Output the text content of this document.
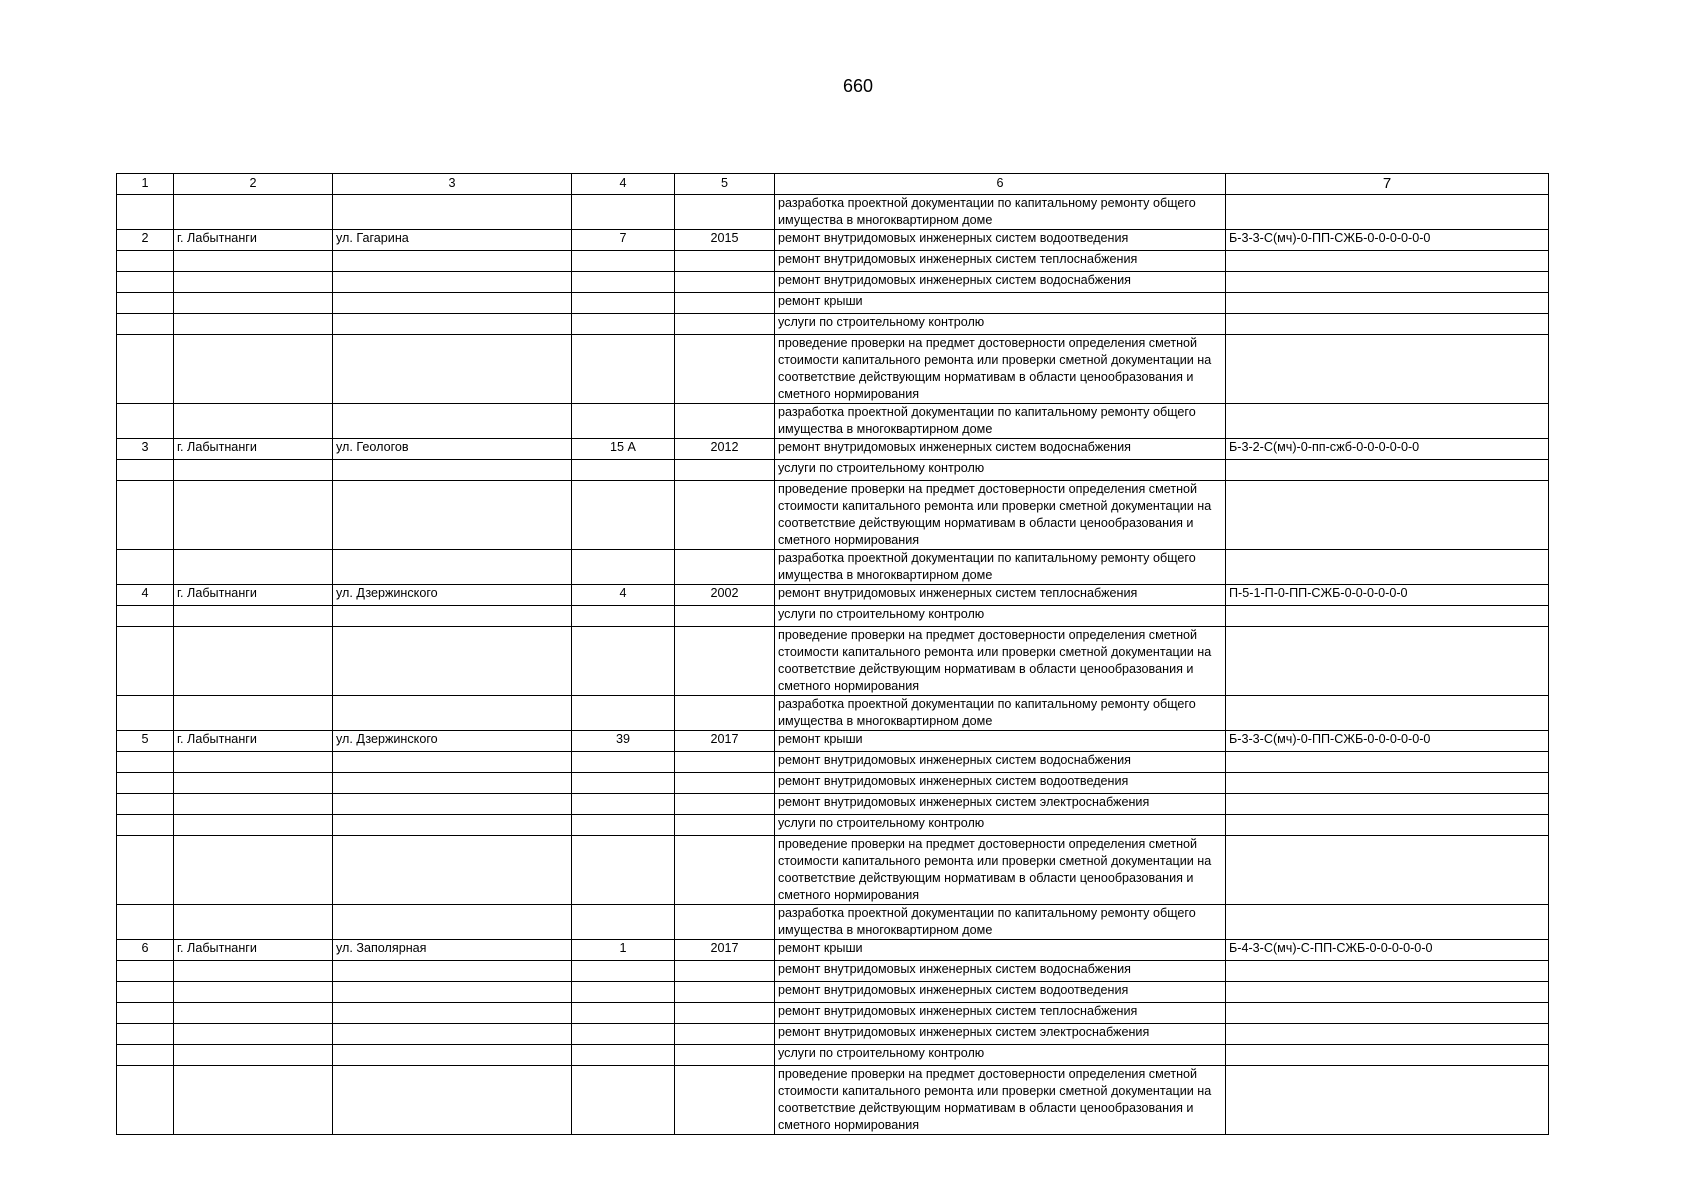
660
1	2	3	4	5	6	7
					разработка проектной документации по капитальному ремонту общего имущества в многоквартирном доме	
2	г. Лабытнанги	ул. Гагарина	7	2015	ремонт внутридомовых инженерных систем водоотведения	Б-3-3-С(мч)-0-ПП-СЖБ-0-0-0-0-0-0
					ремонт внутридомовых инженерных систем теплоснабжения	
					ремонт внутридомовых инженерных систем водоснабжения	
					ремонт крыши	
					услуги по строительному контролю	
					проведение проверки на предмет достоверности определения сметной стоимости капитального ремонта или проверки сметной документации на соответствие действующим нормативам в области ценообразования и сметного нормирования	
					разработка проектной документации по капитальному ремонту общего имущества в многоквартирном доме	
3	г. Лабытнанги	ул. Геологов	15 А	2012	ремонт внутридомовых инженерных систем водоснабжения	Б-3-2-С(мч)-0-пп-сжб-0-0-0-0-0-0
					услуги по строительному контролю	
					проведение проверки на предмет достоверности определения сметной стоимости капитального ремонта или проверки сметной документации на соответствие действующим нормативам в области ценообразования и сметного нормирования	
					разработка проектной документации по капитальному ремонту общего имущества в многоквартирном доме	
4	г. Лабытнанги	ул. Дзержинского	4	2002	ремонт внутридомовых инженерных систем теплоснабжения	П-5-1-П-0-ПП-СЖБ-0-0-0-0-0-0
					услуги по строительному контролю	
					проведение проверки на предмет достоверности определения сметной стоимости капитального ремонта или проверки сметной документации на соответствие действующим нормативам в области ценообразования и сметного нормирования	
					разработка проектной документации по капитальному ремонту общего имущества в многоквартирном доме	
5	г. Лабытнанги	ул. Дзержинского	39	2017	ремонт крыши	Б-3-3-С(мч)-0-ПП-СЖБ-0-0-0-0-0-0
					ремонт внутридомовых инженерных систем водоснабжения	
					ремонт внутридомовых инженерных систем водоотведения	
					ремонт внутридомовых инженерных систем электроснабжения	
					услуги по строительному контролю	
					проведение проверки на предмет достоверности определения сметной стоимости капитального ремонта или проверки сметной документации на соответствие действующим нормативам в области ценообразования и сметного нормирования	
					разработка проектной документации по капитальному ремонту общего имущества в многоквартирном доме	
6	г. Лабытнанги	ул. Заполярная	1	2017	ремонт крыши	Б-4-3-С(мч)-С-ПП-СЖБ-0-0-0-0-0-0
					ремонт внутридомовых инженерных систем водоснабжения	
					ремонт внутридомовых инженерных систем водоотведения	
					ремонт внутридомовых инженерных систем теплоснабжения	
					ремонт внутридомовых инженерных систем электроснабжения	
					услуги по строительному контролю	
					проведение проверки на предмет достоверности определения сметной стоимости капитального ремонта или проверки сметной документации на соответствие действующим нормативам в области ценообразования и сметного нормирования	
